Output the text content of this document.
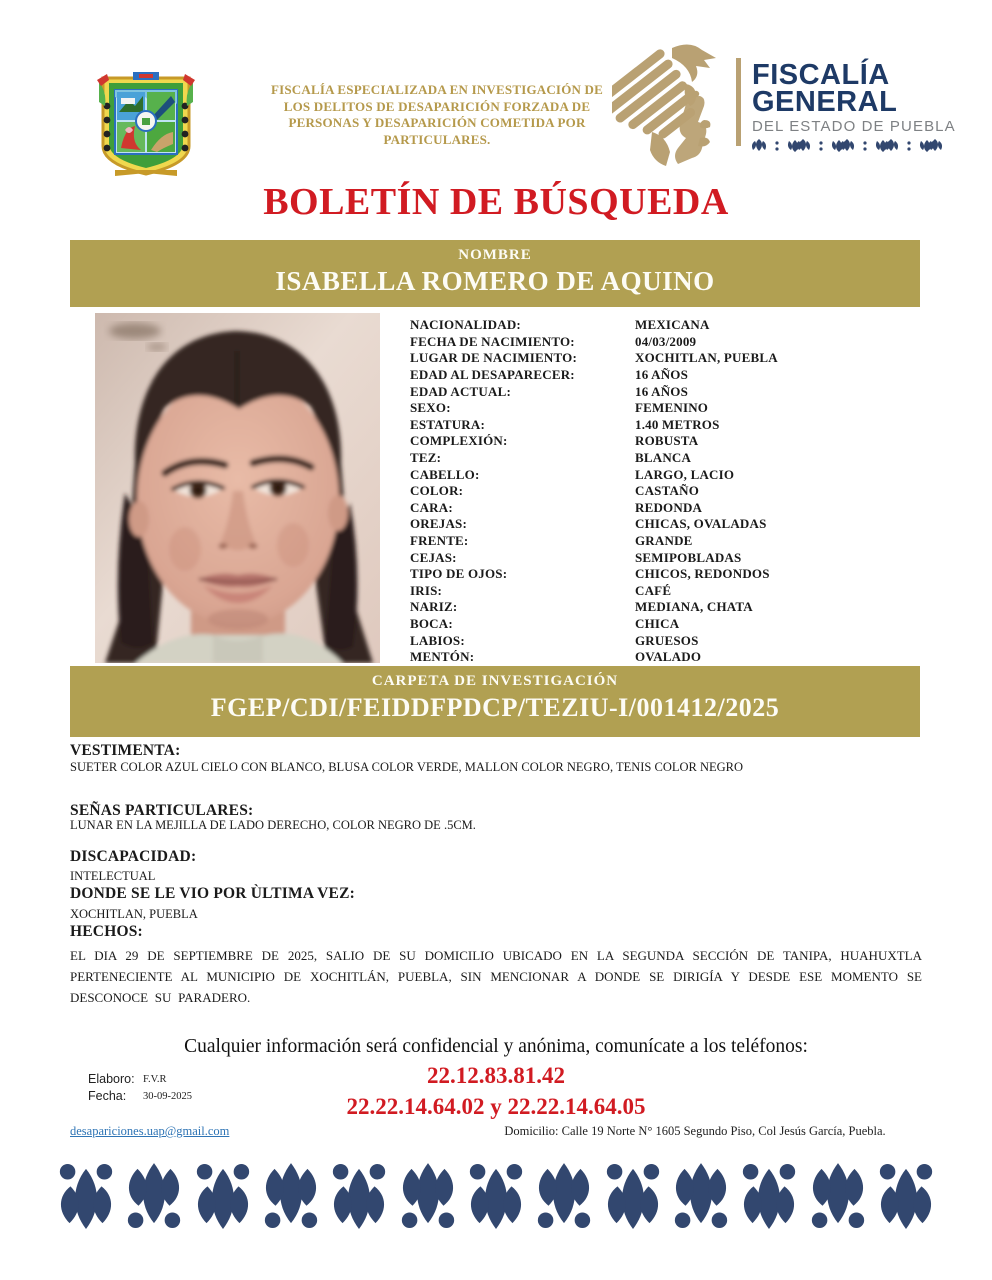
FISCALÍA ESPECIALIZADA EN INVESTIGACIÓN DE
LOS DELITOS DE DESAPARICIÓN FORZADA DE
PERSONAS Y DESAPARICIÓN COMETIDA POR
PARTICULARES.
FISCALÍA
GENERAL
DEL ESTADO DE PUEBLA
BOLETÍN DE BÚSQUEDA
NOMBRE
ISABELLA ROMERO DE AQUINO
NACIONALIDAD:	MEXICANA
FECHA DE NACIMIENTO:	04/03/2009
LUGAR DE NACIMIENTO:	XOCHITLAN, PUEBLA
EDAD AL DESAPARECER:	16 AÑOS
EDAD ACTUAL:	16 AÑOS
SEXO:	FEMENINO
ESTATURA:	1.40 METROS
COMPLEXIÓN:	ROBUSTA
TEZ:	BLANCA
CABELLO:	LARGO, LACIO
COLOR:	CASTAÑO
CARA:	REDONDA
OREJAS:	CHICAS, OVALADAS
FRENTE:	GRANDE
CEJAS:	SEMIPOBLADAS
TIPO DE OJOS:	CHICOS, REDONDOS
IRIS:	CAFÉ
NARIZ:	MEDIANA, CHATA
BOCA:	CHICA
LABIOS:	GRUESOS
MENTÓN:	OVALADO
CARPETA DE INVESTIGACIÓN
FGEP/CDI/FEIDDFPDCP/TEZIU-I/001412/2025
VESTIMENTA:

SUETER COLOR AZUL CIELO CON BLANCO, BLUSA COLOR VERDE, MALLON COLOR NEGRO, TENIS COLOR NEGRO

SEÑAS PARTICULARES:

LUNAR EN LA MEJILLA DE LADO DERECHO, COLOR NEGRO DE .5CM.

DISCAPACIDAD:

INTELECTUAL

DONDE SE LE VIO POR ÙLTIMA VEZ:

XOCHITLAN, PUEBLA

HECHOS:

EL DIA 29 DE SEPTIEMBRE DE 2025, SALIO DE SU DOMICILIO UBICADO EN LA SEGUNDA SECCIÓN DE TANIPA, HUAHUXTLA PERTENECIENTE AL MUNICIPIO DE XOCHITLÁN, PUEBLA, SIN MENCIONAR A DONDE SE DIRIGÍA Y DESDE ESE MOMENTO SE DESCONOCE SU PARADERO.

Cualquier información será confidencial y anónima, comunícate a los teléfonos:
Elaboro: F.V.R
Fecha:	30-09-2025
22.12.83.81.42
22.22.14.64.02 y 22.22.14.64.05
desapariciones.uap@gmail.com	Domicilio: Calle 19 Norte N° 1605 Segundo Piso, Col Jesús García, Puebla.
